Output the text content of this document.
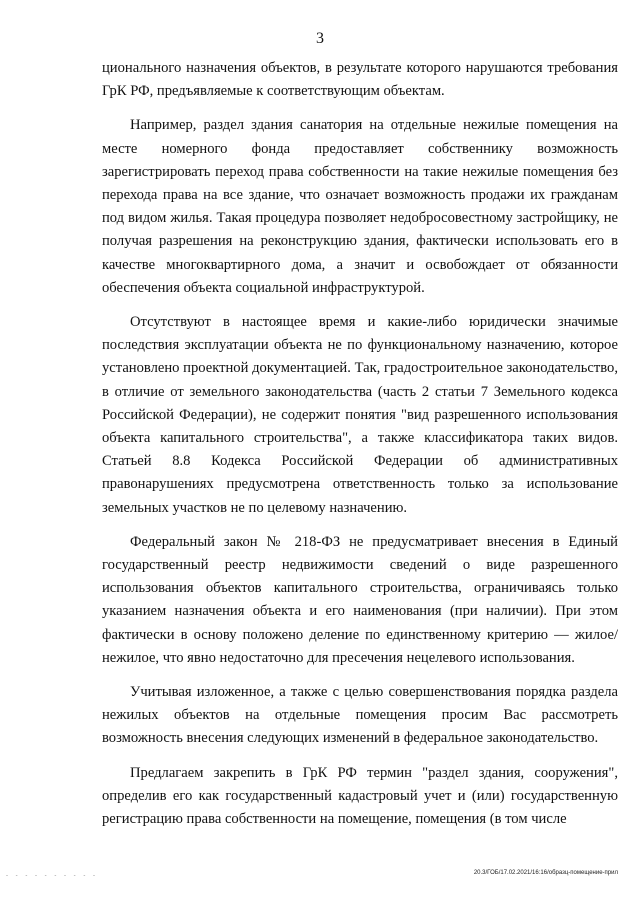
3

ционального назначения объектов, в результате которого нарушаются требования ГрК РФ, предъявляемые к соответствующим объектам.

Например, раздел здания санатория на отдельные нежилые помещения на месте номерного фонда предоставляет собственнику возможность зарегистрировать переход права собственности на такие нежилые помещения без перехода права на все здание, что означает возможность продажи их гражданам под видом жилья. Такая процедура позволяет недобросовестному застройщику, не получая разрешения на реконструкцию здания, фактически использовать его в качестве многоквартирного дома, а значит и освобождает от обязанности обеспечения объекта социальной инфраструктурой.

Отсутствуют в настоящее время и какие-либо юридически значимые последствия эксплуатации объекта не по функциональному назначению, которое установлено проектной документацией. Так, градостроительное законодательство, в отличие от земельного законодательства (часть 2 статьи 7 Земельного кодекса Российской Федерации), не содержит понятия "вид разрешенного использования объекта капитального строительства", а также классификатора таких видов. Статьей 8.8 Кодекса Российской Федерации об административных правонарушениях предусмотрена ответственность только за использование земельных участков не по целевому назначению.

Федеральный закон № 218-ФЗ не предусматривает внесения в Единый государственный реестр недвижимости сведений о виде разрешенного использования объектов капитального строительства, ограничиваясь только указанием назначения объекта и его наименования (при наличии). При этом фактически в основу положено деление по единственному критерию — жилое/нежилое, что явно недостаточно для пресечения нецелевого использования.

Учитывая изложенное, а также с целью совершенствования порядка раздела нежилых объектов на отдельные помещения просим Вас рассмотреть возможность внесения следующих изменений в федеральное законодательство.

Предлагаем закрепить в ГрК РФ термин "раздел здания, сооружения", определив его как государственный кадастровый учет и (или) государственную регистрацию права собственности на помещение, помещения (в том числе

- - - - - - - - - -	20.3/ГОБ/17.02.2021/16:16/образц-помещение-прил
